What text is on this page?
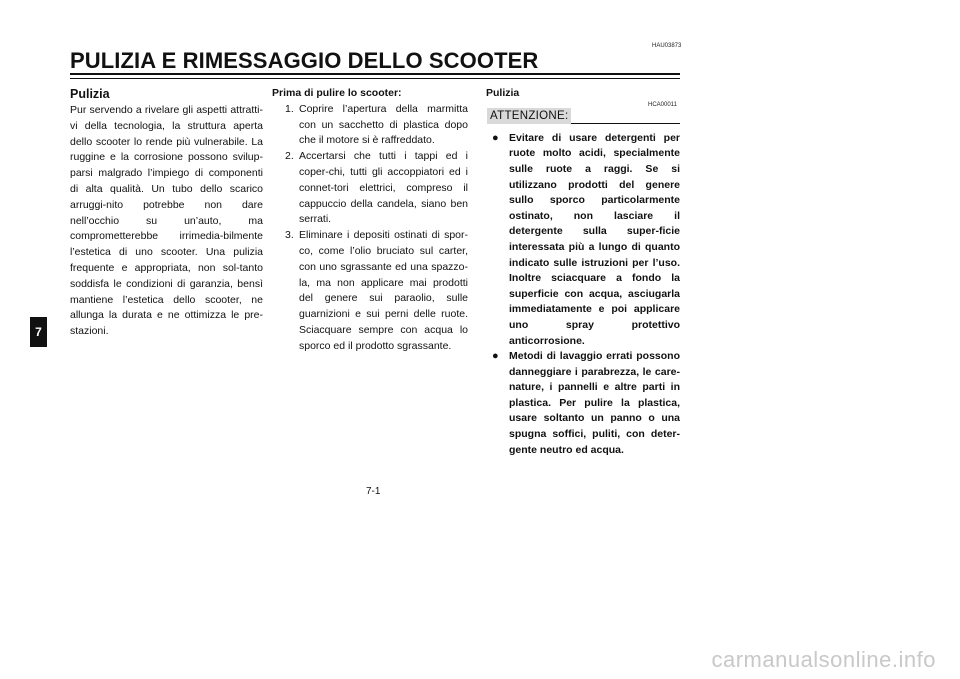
HAU03873
PULIZIA E RIMESSAGGIO DELLO SCOOTER
Pulizia

Pur servendo a rivelare gli aspetti attratti-vi della tecnologia, la struttura aperta dello scooter lo rende più vulnerabile. La ruggine e la corrosione possono svilup-parsi malgrado l’impiego di componenti di alta qualità. Un tubo dello scarico arruggi-nito potrebbe non dare nell’occhio su un’auto, ma comprometterebbe irrimedia-bilmente l’estetica di uno scooter. Una pulizia frequente e appropriata, non sol-tanto soddisfa le condizioni di garanzia, bensì mantiene l’estetica dello scooter, ne allunga la durata e ne ottimizza le pre-stazioni.

Prima di pulire lo scooter:

1. Coprire l’apertura della marmitta con un sacchetto di plastica dopo che il motore si è raffreddato.
2. Accertarsi che tutti i tappi ed i coper-chi, tutti gli accoppiatori ed i connet-tori elettrici, compreso il cappuccio della candela, siano ben serrati.
3. Eliminare i depositi ostinati di spor-co, come l’olio bruciato sul carter, con uno sgrassante ed una spazzo-la, ma non applicare mai prodotti del genere sui paraolio, sulle guarnizioni e sui perni delle ruote. Sciacquare sempre con acqua lo sporco ed il prodotto sgrassante.
HCA00011

Pulizia

ATTENZIONE:
● Evitare di usare detergenti per ruote molto acidi, specialmente sulle ruote a raggi. Se si utilizzano prodotti del genere sullo sporco particolarmente ostinato, non lasciare il detergente sulla super-ficie interessata più a lungo di quanto indicato sulle istruzioni per l’uso. Inoltre sciacquare a fondo la superficie con acqua, asciugarla immediatamente e poi applicare uno spray protettivo anticorrosione.
● Metodi di lavaggio errati possono danneggiare i parabrezza, le care-nature, i pannelli e altre parti in plastica. Per pulire la plastica, usare soltanto un panno o una spugna soffici, puliti, con deter-gente neutro ed acqua.
7
7-1
carmanualsonline.info
